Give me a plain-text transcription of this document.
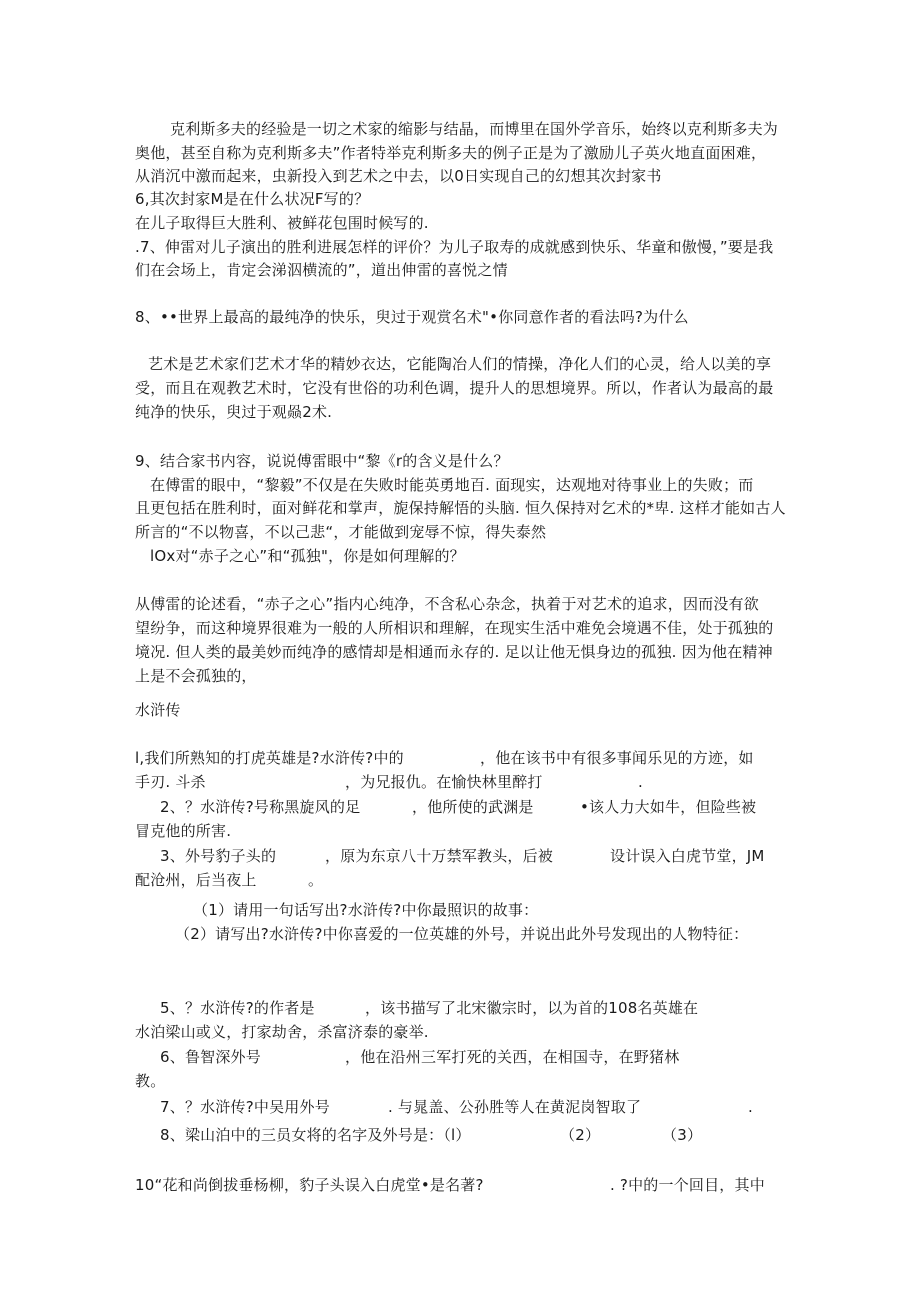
克利斯多夫的经验是一切之术家的缩影与结晶，而博里在国外学音乐，始终以克利斯多夫为
奥他，甚至自称为克利斯多夫”作者特举克利斯多夫的例子正是为了激励儿子英火地直面困难，
从消沉中激而起来，虫新投入到艺术之中去，以0日实现自己的幻想其次封家书
6,其次封家M是在什么状况F写的？
在儿子取得巨大胜利、被鲜花包围时候写的.
.7、伸雷对儿子演出的胜利进展怎样的评价？为儿子取寿的成就感到快乐、华童和傲慢，”要是我
们在会场上，肯定会涕泅横流的”，道出伸雷的喜悦之情
8、••世界上最高的最纯净的快乐，臾过于观赏名术"•你同意作者的看法吗?为什么
艺术是艺术家们艺术才华的精妙衣达，它能陶冶人们的情操，净化人们的心灵，给人以美的享
受，而且在观教艺术时，它没有世俗的功利色调，提升人的思想境界。所以，作者认为最高的最
纯净的快乐，臾过于观赑2术.
9、结合家书内容，说说傅雷眼中“黎《r的含义是什么？
在傅雷的眼中，“黎毅”不仅是在失败时能英勇地百. 面现实，达观地对待事业上的失败；而
且更包括在胜利时，面对鲜花和掌声，旎保持解悟的头脑. 恒久保持对乞术的*卑. 这样才能如古人
所言的“不以物喜，不以己悲“，才能做到宠辱不惊，得失泰然
lOx对“赤子之心”和“孤独"，你是如何理解的？
从傅雷的论述看，“赤子之心”指内心纯净，不含私心杂念，执着于对艺术的追求，因而没有欲
望纷争，而这种境界很难为一般的人所相识和理解，在现实生活中难免会境遇不佳，处于孤独的
境况. 但人类的最美妙而纯净的感情却是相通而永存的. 足以让他无惧身边的孤独. 因为他在精神
上是不会孤独的，
水浒传
l,我们所熟知的打虎英雄是?水浒传?中的	，他在该书中有很多事闻乐见的方迹，如
手刃. 斗杀	，为兄报仇。在愉快林里醉打	.
2、？水浒传?号称黑旋风的足	，他所使的武渊是	•该人力大如牛，但险些被
冒克他的所害.
3、外号豹子头的	，原为东京八十万禁军教头，后被	设计误入白虎节堂，JM
配沧州，后当夜上	。
（1）请用一句话写出?水浒传?中你最照识的故事：
（2）请写出?水浒传?中你喜爱的一位英雄的外号，并说出此外号发现出的人物特征：
5、？水浒传?的作者是	，该书描写了北宋徽宗时，以为首的108名英雄在
水泊梁山或义，打家劫舍，杀富济泰的豪举.
6、鲁智深外号	，他在沿州三军打死的关西，在相国寺，在野猪林
教。
7、？水浒传?中吴用外号	. 与晁盖、公孙胜等人在黄泥岗智取了	.
8、梁山泊中的三员女将的名字及外号是：（l）	（2）	（3）
10“花和尚倒拔垂杨柳，豹子头误入白虎堂•是名著?	. ?中的一个回目，其中
